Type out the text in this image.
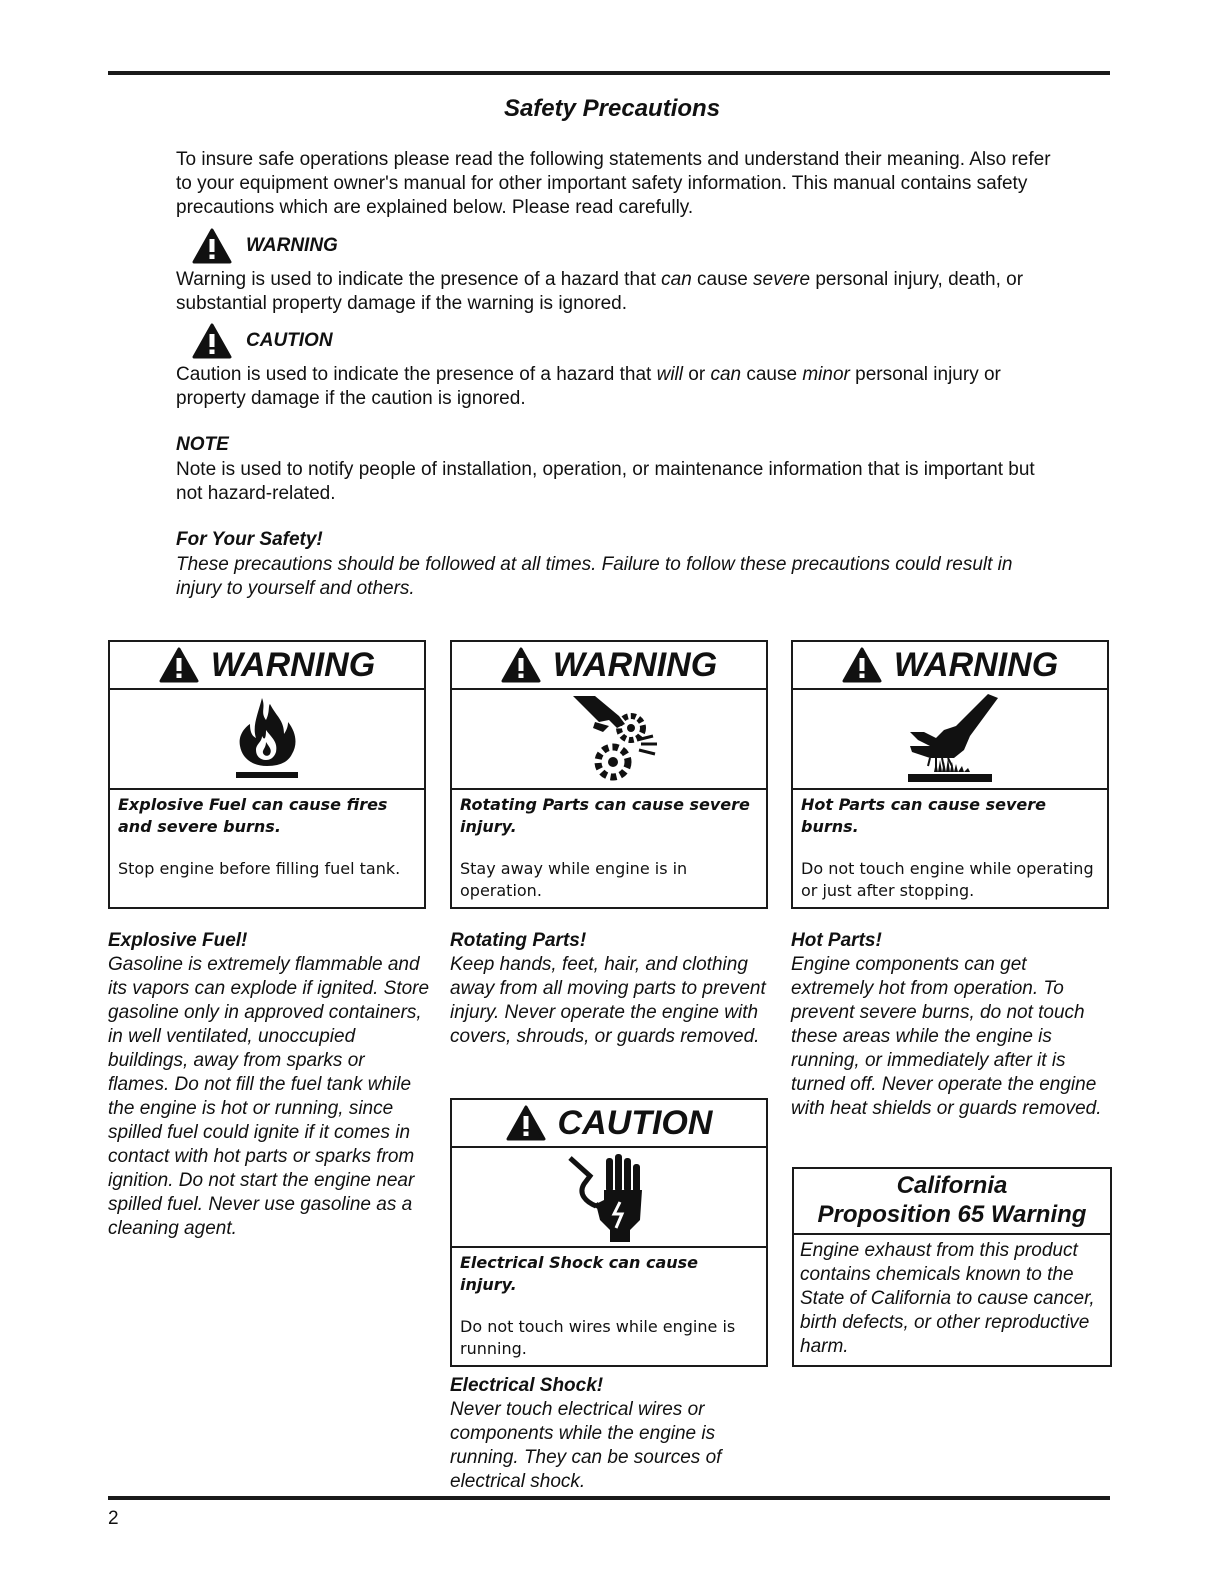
Safety Precautions

To insure safe operations please read the following statements and understand their meaning. Also refer to your equipment owner's manual for other important safety information. This manual contains safety precautions which are explained below. Please read carefully.

WARNING

Warning is used to indicate the presence of a hazard that can cause severe personal injury, death, or substantial property damage if the warning is ignored.

CAUTION

Caution is used to indicate the presence of a hazard that will or can cause minor personal injury or property damage if the caution is ignored.

NOTE

Note is used to notify people of installation, operation, or maintenance information that is important but not hazard-related.

For Your Safety!

These precautions should be followed at all times. Failure to follow these precautions could result in injury to yourself and others.

WARNING

Explosive Fuel can cause fires and severe burns.

Stop engine before filling fuel tank.

WARNING

Rotating Parts can cause severe injury.

Stay away while engine is in operation.

WARNING

Hot Parts can cause severe burns.

Do not touch engine while operating or just after stopping.

Explosive Fuel!

Gasoline is extremely flammable and its vapors can explode if ignited. Store gasoline only in approved containers, in well ventilated, unoccupied buildings, away from sparks or flames. Do not fill the fuel tank while the engine is hot or running, since spilled fuel could ignite if it comes in contact with hot parts or sparks from ignition. Do not start the engine near spilled fuel. Never use gasoline as a cleaning agent.

Rotating Parts!

Keep hands, feet, hair, and clothing away from all moving parts to prevent injury. Never operate the engine with covers, shrouds, or guards removed.

Hot Parts!

Engine components can get extremely hot from operation. To prevent severe burns, do not touch these areas while the engine is running, or immediately after it is turned off. Never operate the engine with heat shields or guards removed.

CAUTION

Electrical Shock can cause injury.

Do not touch wires while engine is running.

Electrical Shock!

Never touch electrical wires or components while the engine is running. They can be sources of electrical shock.

California
Proposition 65 Warning

Engine exhaust from this product contains chemicals known to the State of California to cause cancer, birth defects, or other reproductive harm.

2
